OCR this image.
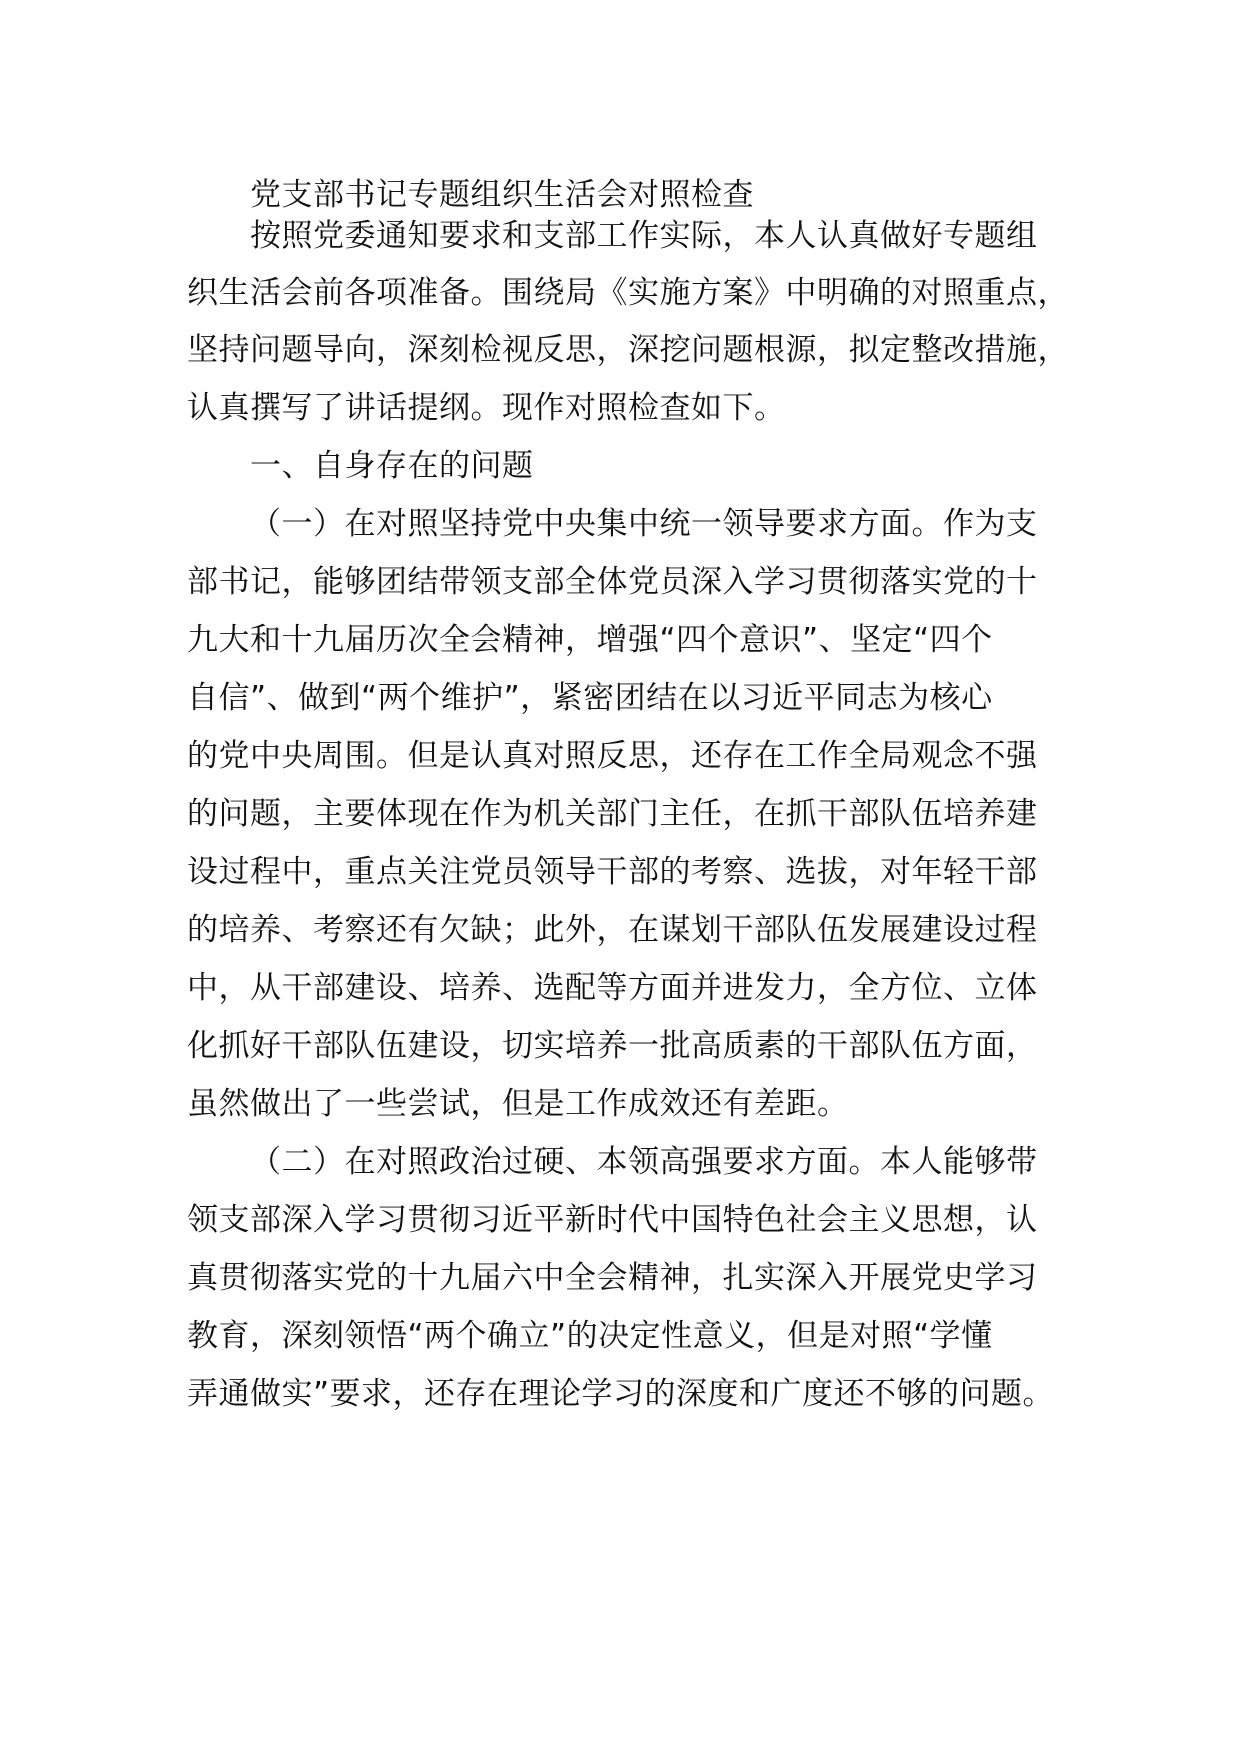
党支部书记专题组织生活会对照检查
按照党委通知要求和支部工作实际，本人认真做好专题组
织生活会前各项准备。围绕局《实施方案》中明确的对照重点，
坚持问题导向，深刻检视反思，深挖问题根源，拟定整改措施，
认真撰写了讲话提纲。现作对照检查如下。
一、自身存在的问题
（一）在对照坚持党中央集中统一领导要求方面。作为支
部书记，能够团结带领支部全体党员深入学习贯彻落实党的十
九大和十九届历次全会精神，增强“四个意识”、坚定“四个
自信”、做到“两个维护”，紧密团结在以习近平同志为核心
的党中央周围。但是认真对照反思，还存在工作全局观念不强
的问题，主要体现在作为机关部门主任，在抓干部队伍培养建
设过程中，重点关注党员领导干部的考察、选拔，对年轻干部
的培养、考察还有欠缺；此外，在谋划干部队伍发展建设过程
中，从干部建设、培养、选配等方面并进发力，全方位、立体
化抓好干部队伍建设，切实培养一批高质素的干部队伍方面，
虽然做出了一些尝试，但是工作成效还有差距。
（二）在对照政治过硬、本领高强要求方面。本人能够带
领支部深入学习贯彻习近平新时代中国特色社会主义思想，认
真贯彻落实党的十九届六中全会精神，扎实深入开展党史学习
教育，深刻领悟“两个确立”的决定性意义，但是对照“学懂
弄通做实”要求，还存在理论学习的深度和广度还不够的问题。
